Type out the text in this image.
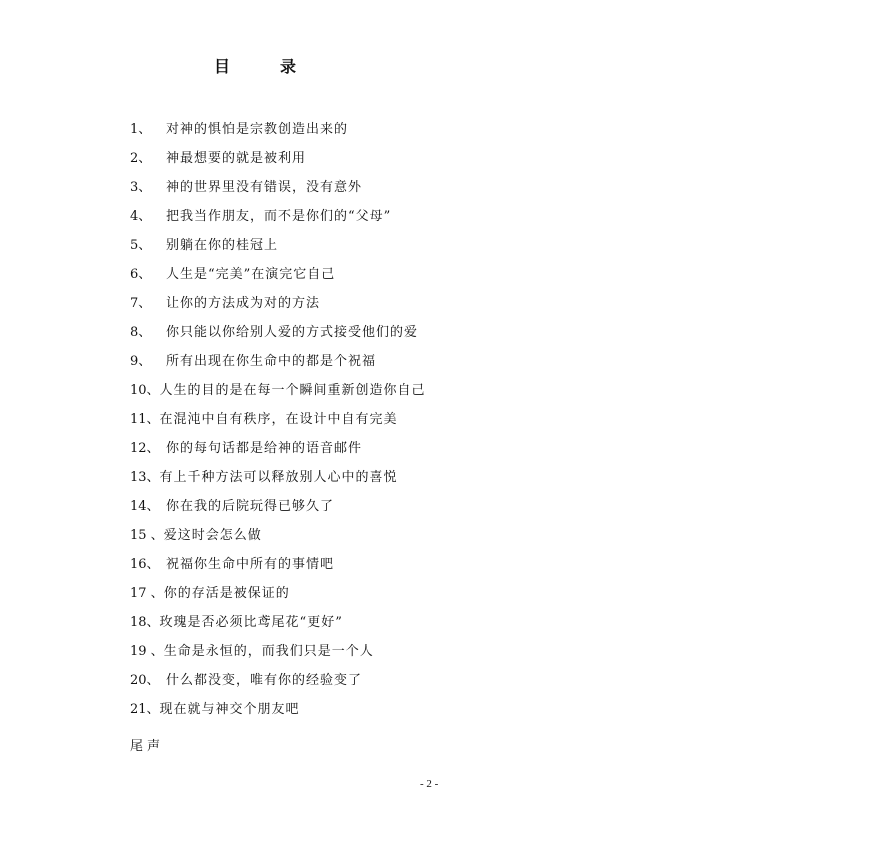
目	录
1、 对神的惧怕是宗教创造出来的
2、 神最想要的就是被利用
3、 神的世界里没有错误，没有意外
4、 把我当作朋友，而不是你们的“父母”
5、 别躺在你的桂冠上
6、 人生是“完美”在演完它自己
7、 让你的方法成为对的方法
8、 你只能以你给别人爱的方式接受他们的爱
9、 所有出现在你生命中的都是个祝福
10、人生的目的是在每一个瞬间重新创造你自己
11、在混沌中自有秩序，在设计中自有完美
12、 你的每句话都是给神的语音邮件
13、有上千种方法可以释放别人心中的喜悦
14、 你在我的后院玩得已够久了
15 、爱这时会怎么做
16、 祝福你生命中所有的事情吧
17 、你的存活是被保证的
18、玫瑰是否必须比鸢尾花“更好”
19 、生命是永恒的，而我们只是一个人
20、 什么都没变，唯有你的经验变了
21、现在就与神交个朋友吧
尾声
- 2 -
